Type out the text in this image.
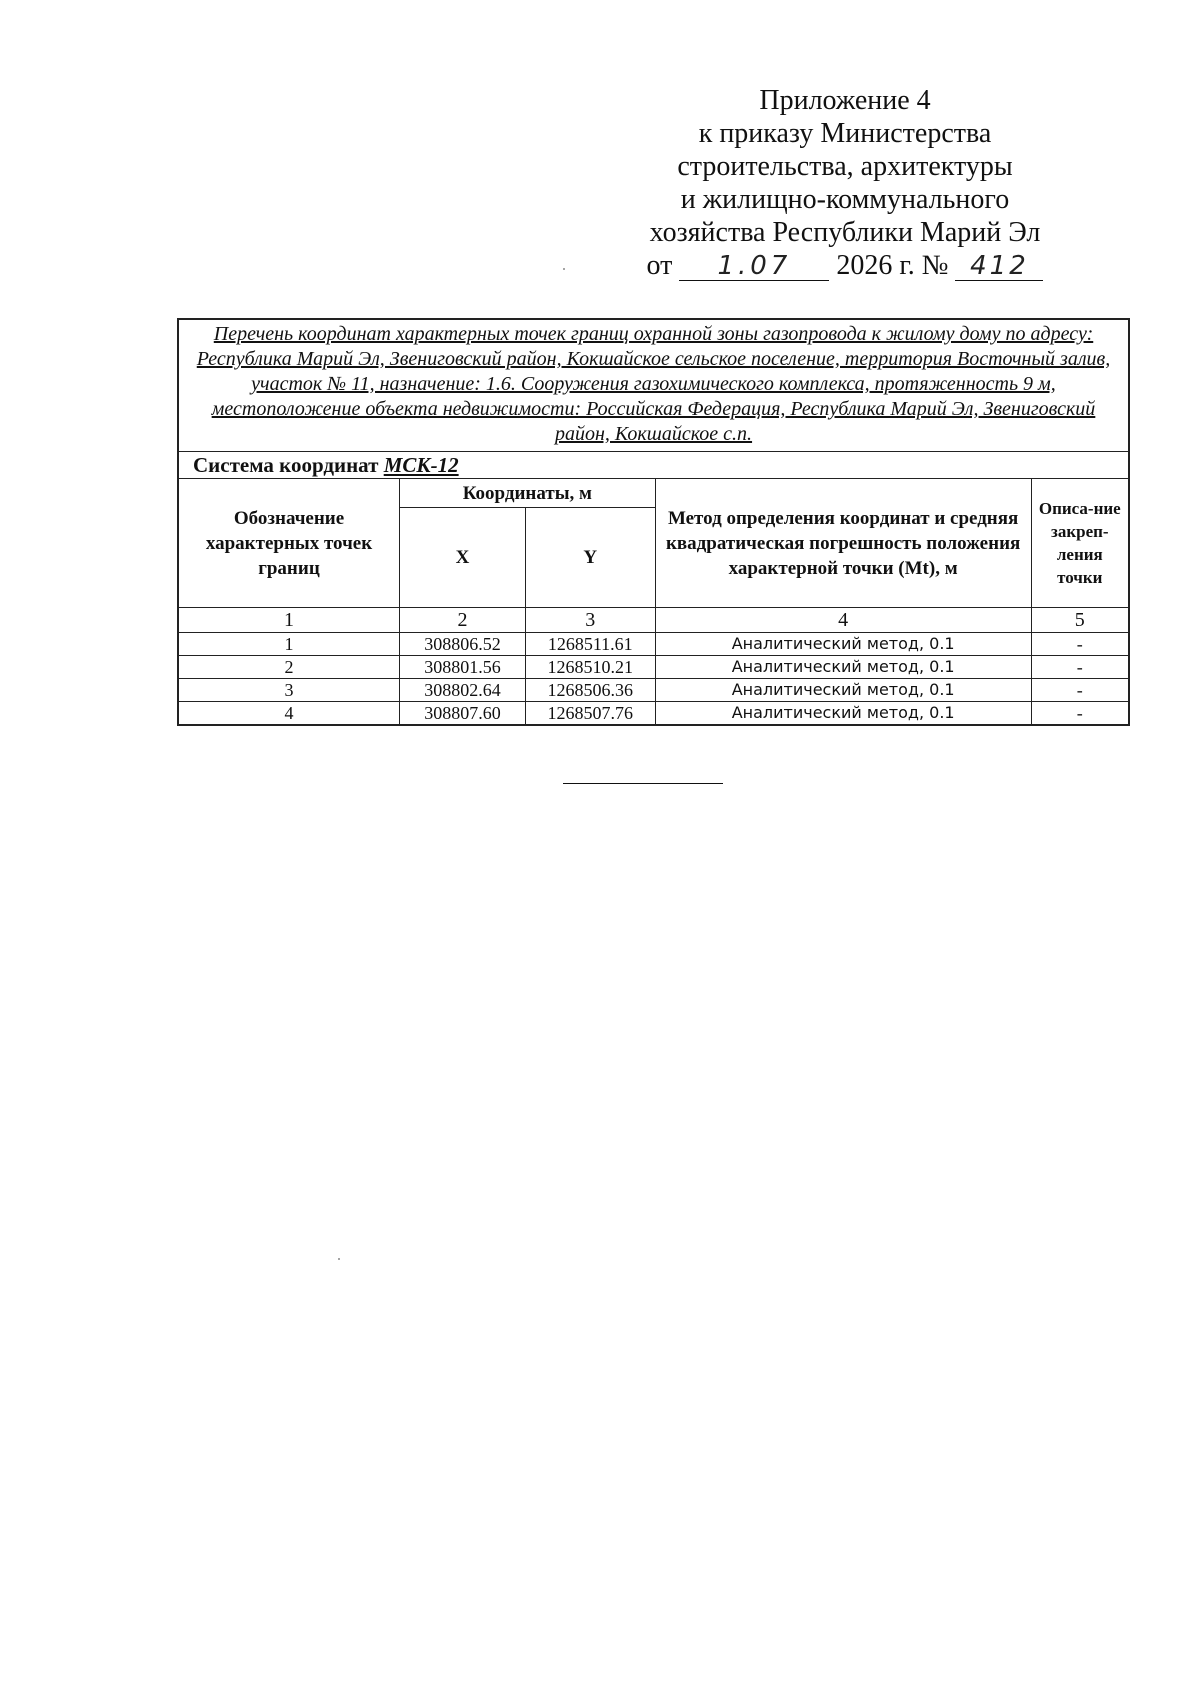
Приложение 4
к приказу Министерства
строительства, архитектуры
и жилищно-коммунального
хозяйства Республики Марий Эл
от 1.07 2026 г. № 412
Перечень координат характерных точек границ охранной зоны газопровода к жилому дому по адресу: Республика Марий Эл, Звениговский район, Кокшайское сельское поселение, территория Восточный залив, участок № 11, назначение: 1.6. Сооружения газохимического комплекса, протяженность 9 м, местоположение объекта недвижимости: Российская Федерация, Республика Марий Эл, Звениговский район, Кокшайское с.п.				
Система координат МСК-12				
Обозначение характерных точек границ	Координаты, м		Метод определения координат и средняя квадратическая погрешность положения характерной точки (Mt), м	Описа-ние закреп-ления точки
	X	Y		
1	2	3	4	5
1	308806.52	1268511.61	Аналитический метод, 0.1	-
2	308801.56	1268510.21	Аналитический метод, 0.1	-
3	308802.64	1268506.36	Аналитический метод, 0.1	-
4	308807.60	1268507.76	Аналитический метод, 0.1	-
